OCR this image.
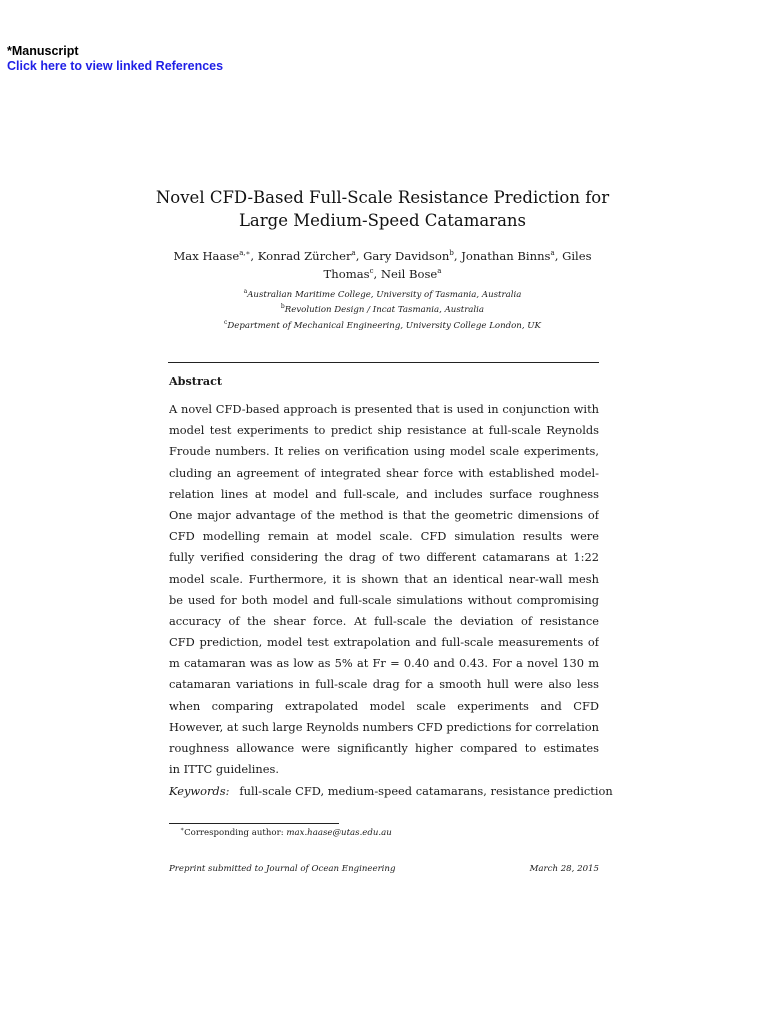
*Manuscript
Click here to view linked References
Novel CFD-Based Full-Scale Resistance Prediction for
Large Medium-Speed Catamarans
Max Haase$^{a,∗}$, Konrad Zürcher$^a$, Gary Davidson$^b$, Jonathan Binns$^a$, Giles Thomas$^c$, Neil Bose$^a$
$^a$Australian Maritime College, University of Tasmania, Australia
$^b$Revolution Design / Incat Tasmania, Australia
$^c$Department of Mechanical Engineering, University College London, UK
Abstract
A novel CFD-based approach is presented that is used in conjunction with
model test experiments to predict ship resistance at full-scale Reynolds
Froude numbers. It relies on verification using model scale experiments,
cluding an agreement of integrated shear force with established model-
relation lines at model and full-scale, and includes surface roughness
One major advantage of the method is that the geometric dimensions of
CFD modelling remain at model scale. CFD simulation results were
fully verified considering the drag of two different catamarans at 1:22
model scale. Furthermore, it is shown that an identical near-wall mesh
be used for both model and full-scale simulations without compromising
accuracy of the shear force. At full-scale the deviation of resistance
CFD prediction, model test extrapolation and full-scale measurements of
m catamaran was as low as 5% at Fr = 0.40 and 0.43. For a novel 130 m
catamaran variations in full-scale drag for a smooth hull were also less
when comparing extrapolated model scale experiments and CFD
However, at such large Reynolds numbers CFD predictions for correlation
roughness allowance were significantly higher compared to estimates
in ITTC guidelines.
Keywords: full-scale CFD, medium-speed catamarans, resistance prediction
∗Corresponding author: max.haase@utas.edu.au
Preprint submitted to Journal of Ocean Engineering	March 28, 2015
